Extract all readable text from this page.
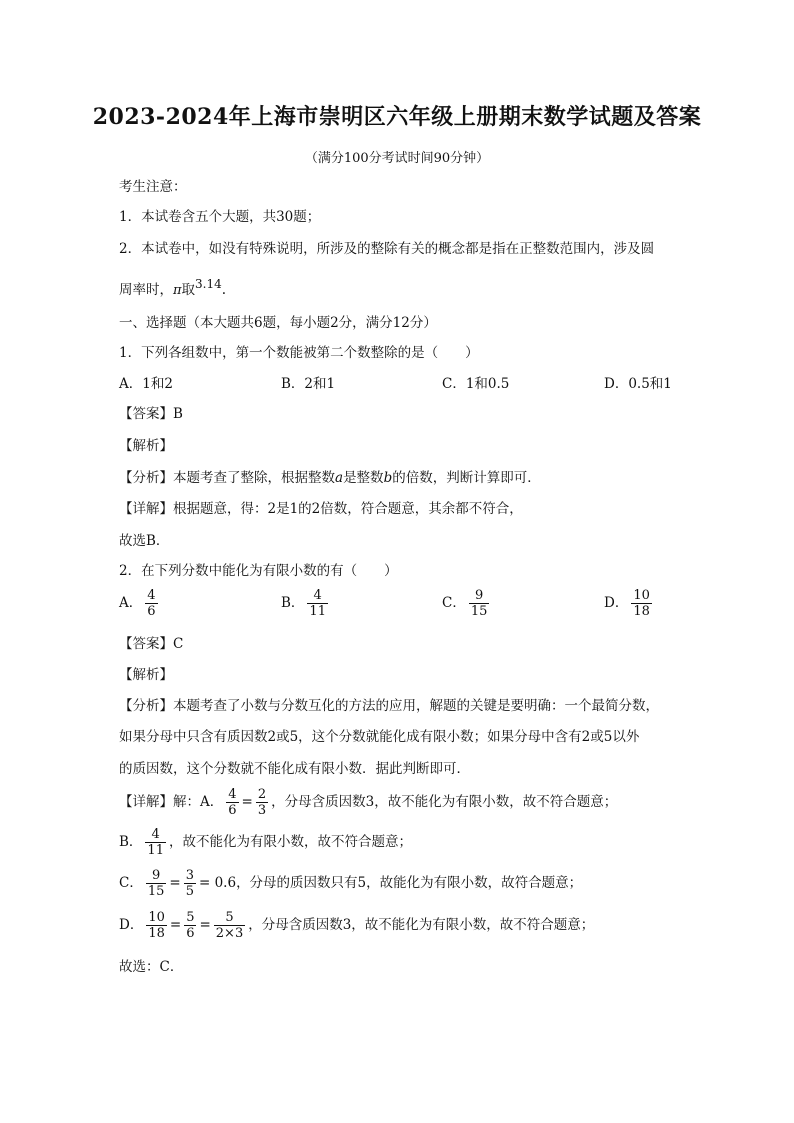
2023-2024年上海市崇明区六年级上册期末数学试题及答案
（满分100分考试时间90分钟）
考生注意：
1．本试卷含五个大题，共30题；
2．本试卷中，如没有特殊说明，所涉及的整除有关的概念都是指在正整数范围内，涉及圆
周率时，π取3.14.
一、选择题（本大题共6题，每小题2分，满分12分）
1．下列各组数中，第一个数能被第二个数整除的是（　　）
A．1和2	B．2和1	C．1和0.5	D．0.5和1
【答案】B
【解析】
【分析】本题考查了整除，根据整数a是整数b的倍数，判断计算即可．
【详解】根据题意，得：2是1的2倍数，符合题意，其余都不符合，
故选B．
2．在下列分数中能化为有限小数的有（　　）
A． $\frac{4}{6}$	B． $\frac{4}{11}$	C． $\frac{9}{15}$	D． $\frac{10}{18}$
【答案】C
【解析】
【分析】本题考查了小数与分数互化的方法的应用，解题的关键是要明确：一个最简分数，
如果分母中只含有质因数2或5，这个分数就能化成有限小数；如果分母中含有2或5以外
的质因数，这个分数就不能化成有限小数．据此判断即可．
【详解】解：A． $\frac{4}{6} = \frac{2}{3}$ ，分母含质因数3，故不能化为有限小数，故不符合题意；
B． $\frac{4}{11}$ ，故不能化为有限小数，故不符合题意；
C． $\frac{9}{15} = \frac{3}{5} = 0.6$，分母的质因数只有5，故能化为有限小数，故符合题意；
D． $\frac{10}{18} = \frac{5}{6} = \frac{5}{2\times 3}$ ，分母含质因数3，故不能化为有限小数，故不符合题意；
故选：C．
